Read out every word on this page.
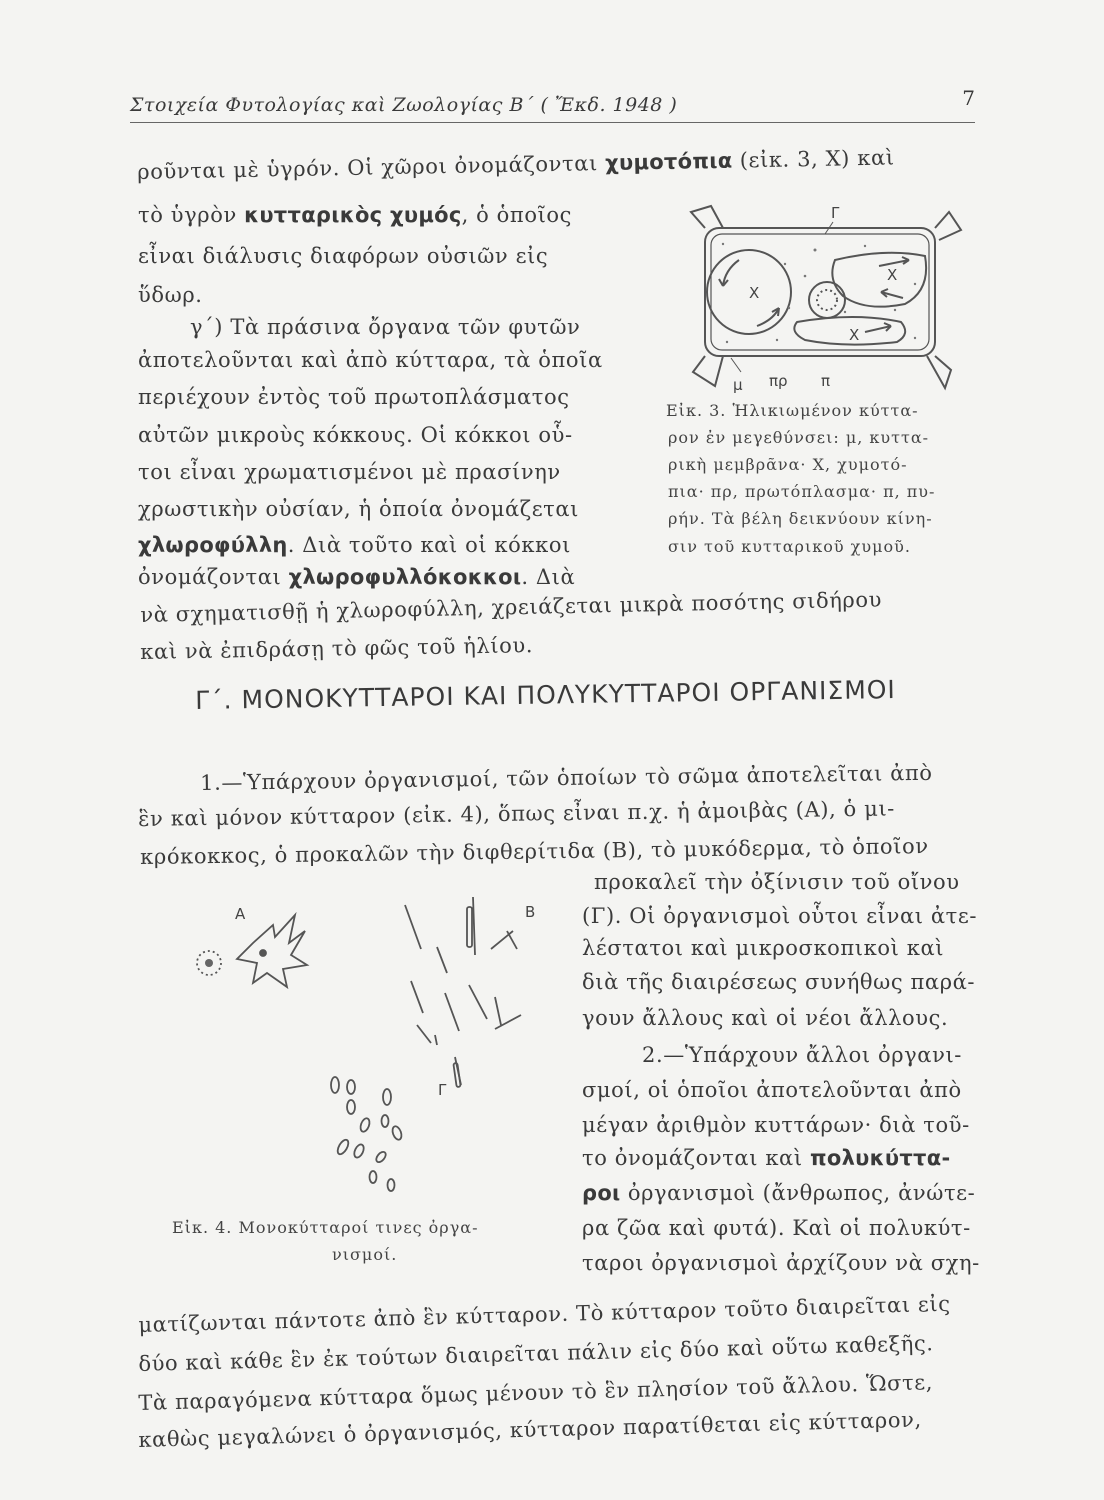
Στοιχεία Φυτολογίας καὶ Ζωολογίας Β΄ ( Ἔκδ. 1948 )	7
ροῦνται μὲ ὑγρόν. Οἱ χῶροι ὀνομάζονται χυμοτόπια (εἰκ. 3, Χ) καὶ
τὸ ὑγρὸν κυτταρικὸς χυμός, ὁ ὁποῖος
εἶναι διάλυσις διαφόρων οὐσιῶν εἰς
ὕδωρ.
γ΄) Τὰ πράσινα ὄργανα τῶν φυτῶν
ἀποτελοῦνται καὶ ἀπὸ κύτταρα, τὰ ὁποῖα
περιέχουν ἐντὸς τοῦ πρωτοπλάσματος
αὐτῶν μικροὺς κόκκους. Οἱ κόκκοι οὗ-
τοι εἶναι χρωματισμένοι μὲ πρασίνην
χρωστικὴν οὐσίαν, ἡ ὁποία ὀνομάζεται
χλωροφύλλη. Διὰ τοῦτο καὶ οἱ κόκκοι
ὀνομάζονται χλωροφυλλόκοκκοι. Διὰ
νὰ σχηματισθῇ ἡ χλωροφύλλη, χρειάζεται μικρὰ ποσότης σιδήρου
καὶ νὰ ἐπιδράσῃ τὸ φῶς τοῦ ἡλίου.
Γ
Χ
Χ
Χ
μ πρ π
Εἰκ. 3. Ἡλικιωμένον κύττα-
ρον ἐν μεγεθύνσει: μ, κυττα-
ρικὴ μεμβρᾶνα· Χ, χυμοτό-
πια· πρ, πρωτόπλασμα· π, πυ-
ρήν. Τὰ βέλη δεικνύουν κίνη-
σιν τοῦ κυτταρικοῦ χυμοῦ.
Γ΄. ΜΟΝΟΚΥΤΤΑΡΟΙ ΚΑΙ ΠΟΛΥΚΥΤΤΑΡΟΙ ΟΡΓΑΝΙΣΜΟΙ
1.—Ὑπάρχουν ὀργανισμοί, τῶν ὁποίων τὸ σῶμα ἀποτελεῖται ἀπὸ
ἓν καὶ μόνον κύτταρον (εἰκ. 4), ὅπως εἶναι π.χ. ἡ ἀμοιβὰς (Α), ὁ μι-
κρόκοκκος, ὁ προκαλῶν τὴν διφθερίτιδα (Β), τὸ μυκόδερμα, τὸ ὁποῖον
προκαλεῖ τὴν ὀξίνισιν τοῦ οἴνου
(Γ). Οἱ ὀργανισμοὶ οὗτοι εἶναι ἀτε-
λέστατοι καὶ μικροσκοπικοὶ καὶ
διὰ τῆς διαιρέσεως συνήθως παρά-
γουν ἄλλους καὶ οἱ νέοι ἄλλους.
2.—Ὑπάρχουν ἄλλοι ὀργανι-
σμοί, οἱ ὁποῖοι ἀποτελοῦνται ἀπὸ
μέγαν ἀριθμὸν κυττάρων· διὰ τοῦ-
το ὀνομάζονται καὶ πολυκύττα-
ροι ὀργανισμοὶ (ἄνθρωπος, ἀνώτε-
ρα ζῶα καὶ φυτά). Καὶ οἱ πολυκύτ-
ταροι ὀργανισμοὶ ἀρχίζουν νὰ σχη-
Α	Β
Γ
Εἰκ. 4. Μονοκύτταροί τινες ὀργα-
νισμοί.
ματίζωνται πάντοτε ἀπὸ ἓν κύτταρον. Τὸ κύτταρον τοῦτο διαιρεῖται εἰς
δύο καὶ κάθε ἓν ἐκ τούτων διαιρεῖται πάλιν εἰς δύο καὶ οὕτω καθεξῆς.
Τὰ παραγόμενα κύτταρα ὅμως μένουν τὸ ἓν πλησίον τοῦ ἄλλου. Ὥστε,
καθὼς μεγαλώνει ὁ ὀργανισμός, κύτταρον παρατίθεται εἰς κύτταρον,
